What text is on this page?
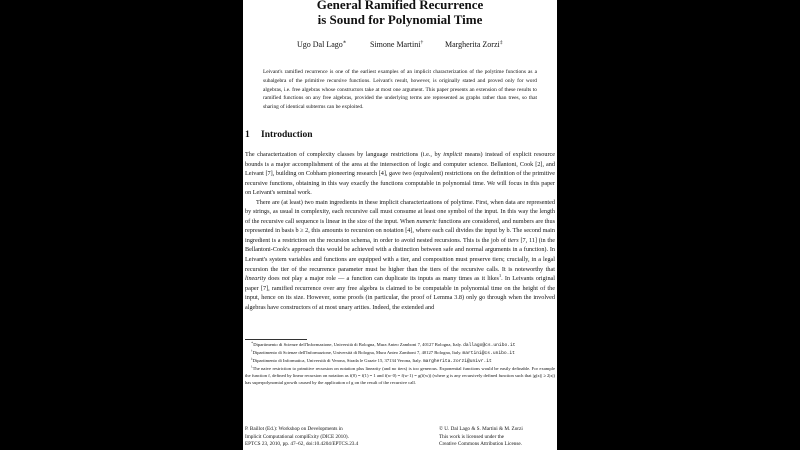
General Ramified Recurrence
is Sound for Polynomial Time
Ugo Dal Lago∗	Simone Martini†	Margherita Zorzi‡
Leivant's ramified recurrence is one of the earliest examples of an implicit characterization of the polytime functions as a subalgebra of the primitive recursive functions. Leivant's result, however, is originally stated and proved only for word algebras, i.e. free algebras whose constructors take at most one argument. This paper presents an extension of these results to ramified functions on any free algebras, provided the underlying terms are represented as graphs rather than trees, so that sharing of identical subterms can be exploited.
1 Introduction

The characterization of complexity classes by language restrictions (i.e., by implicit means) instead of explicit resource bounds is a major accomplishment of the area at the intersection of logic and computer science. Bellantoni, Cook [2], and Leivant [7], building on Cobham pioneering research [4], gave two (equivalent) restrictions on the definition of the primitive recursive functions, obtaining in this way exactly the functions computable in polynomial time. We will focus in this paper on Leivant's seminal work.

There are (at least) two main ingredients in these implicit characterizations of polytime. First, when data are represented by strings, as usual in complexity, each recursive call must consume at least one symbol of the input. In this way the length of the recursive call sequence is linear in the size of the input. When numeric functions are considered, and numbers are thus represented in basis b ≥ 2, this amounts to recursion on notation [4], where each call divides the input by b. The second main ingredient is a restriction on the recursion schema, in order to avoid nested recursions. This is the job of tiers [7, 11] (in the Bellantoni-Cook's approach this would be achieved with a distinction between safe and normal arguments in a function). In Leivant's system variables and functions are equipped with a tier, and composition must preserve tiers; crucially, in a legal recursion the tier of the recurrence parameter must be higher than the tiers of the recursive calls. It is noteworthy that linearity does not play a major role — a function can duplicate its inputs as many times as it likes$^1$. In Leivants original paper [7], ramified recurrence over any free algebra is claimed to be computable in polynomial time on the height of the input, hence on its size. However, some proofs (in particular, the proof of Lemma 3.8) only go through when the involved algebras have constructors of at most unary arities. Indeed, the extended and

∗Dipartimento di Scienze dell'Informazione, Università di Bologna, Mura Anteo Zamboni 7, 40127 Bologna, Italy. dallago@cs.unibo.it

†Dipartimento di Scienze dell'Informazione, Università di Bologna, Mura Anteo Zamboni 7, 40127 Bologna, Italy. martini@cs.unibo.it

‡Dipartimento di Informatica, Università di Verona, Strada le Grazie 15, 37134 Verona, Italy. margherita.zorzi@univr.it

$^1$The naive restriction to primitive recursion on notation plus linearity (and no tiers) is too generous. Exponential functions would be easily definable. For example the function f, defined by linear recursion on notation as f(0) = f(1) = 1 and f(w·0) = f(w·1) = g(f(w)) (where g is any recursively defined function such that |g(x)| ≥ 2|x|) has superpolynomial growth caused by the application of g on the result of the recursive call.

P. Baillot (Ed.): Workshop on Developments in
Implicit Computational complExity (DICE 2010).
EPTCS 23, 2010, pp. 47–62, doi:10.4204/EPTCS.23.4
© U. Dal Lago & S. Martini & M. Zorzi
This work is licensed under the
Creative Commons Attribution License.
